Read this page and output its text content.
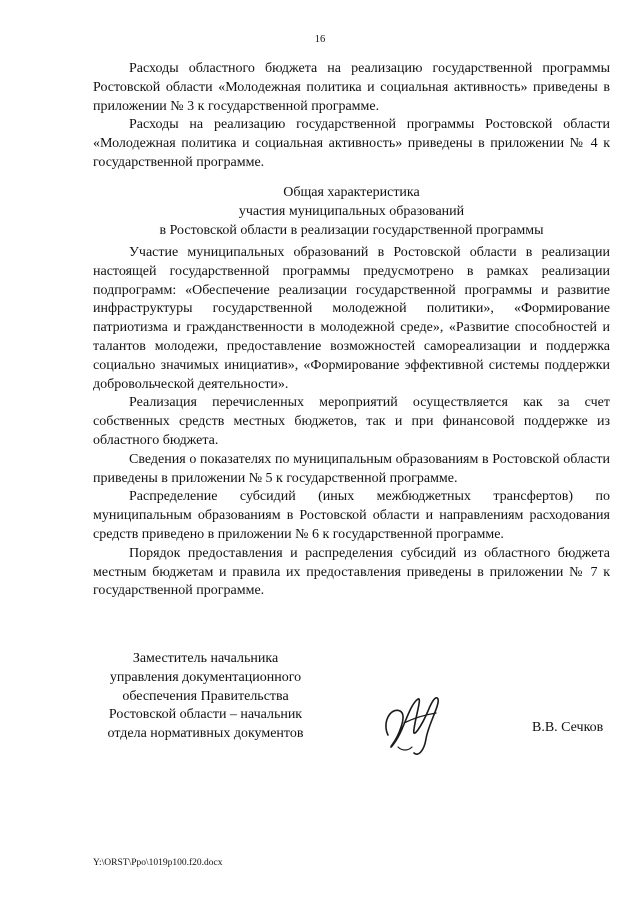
16

Расходы областного бюджета на реализацию государственной программы Ростовской области «Молодежная политика и социальная активность» приведены в приложении № 3 к государственной программе.

Расходы на реализацию государственной программы Ростовской области «Молодежная политика и социальная активность» приведены в приложении № 4 к государственной программе.

Общая характеристика
участия муниципальных образований
в Ростовской области в реализации государственной программы

Участие муниципальных образований в Ростовской области в реализации настоящей государственной программы предусмотрено в рамках реализации подпрограмм: «Обеспечение реализации государственной программы и развитие инфраструктуры государственной молодежной политики», «Формирование патриотизма и гражданственности в молодежной среде», «Развитие способностей и талантов молодежи, предоставление возможностей самореализации и поддержка социально значимых инициатив», «Формирование эффективной системы поддержки добровольческой деятельности».

Реализация перечисленных мероприятий осуществляется как за счет собственных средств местных бюджетов, так и при финансовой поддержке из областного бюджета.

Сведения о показателях по муниципальным образованиям в Ростовской области приведены в приложении № 5 к государственной программе.

Распределение субсидий (иных межбюджетных трансфертов) по муниципальным образованиям в Ростовской области и направлениям расходования средств приведено в приложении № 6 к государственной программе.

Порядок предоставления и распределения субсидий из областного бюджета местным бюджетам и правила их предоставления приведены в приложении № 7 к государственной программе.

Заместитель начальника
управления документационного
обеспечения Правительства
Ростовской области – начальник
отдела нормативных документов	В.В. Сечков
Y:\ORST\Ppo\1019p100.f20.docx
